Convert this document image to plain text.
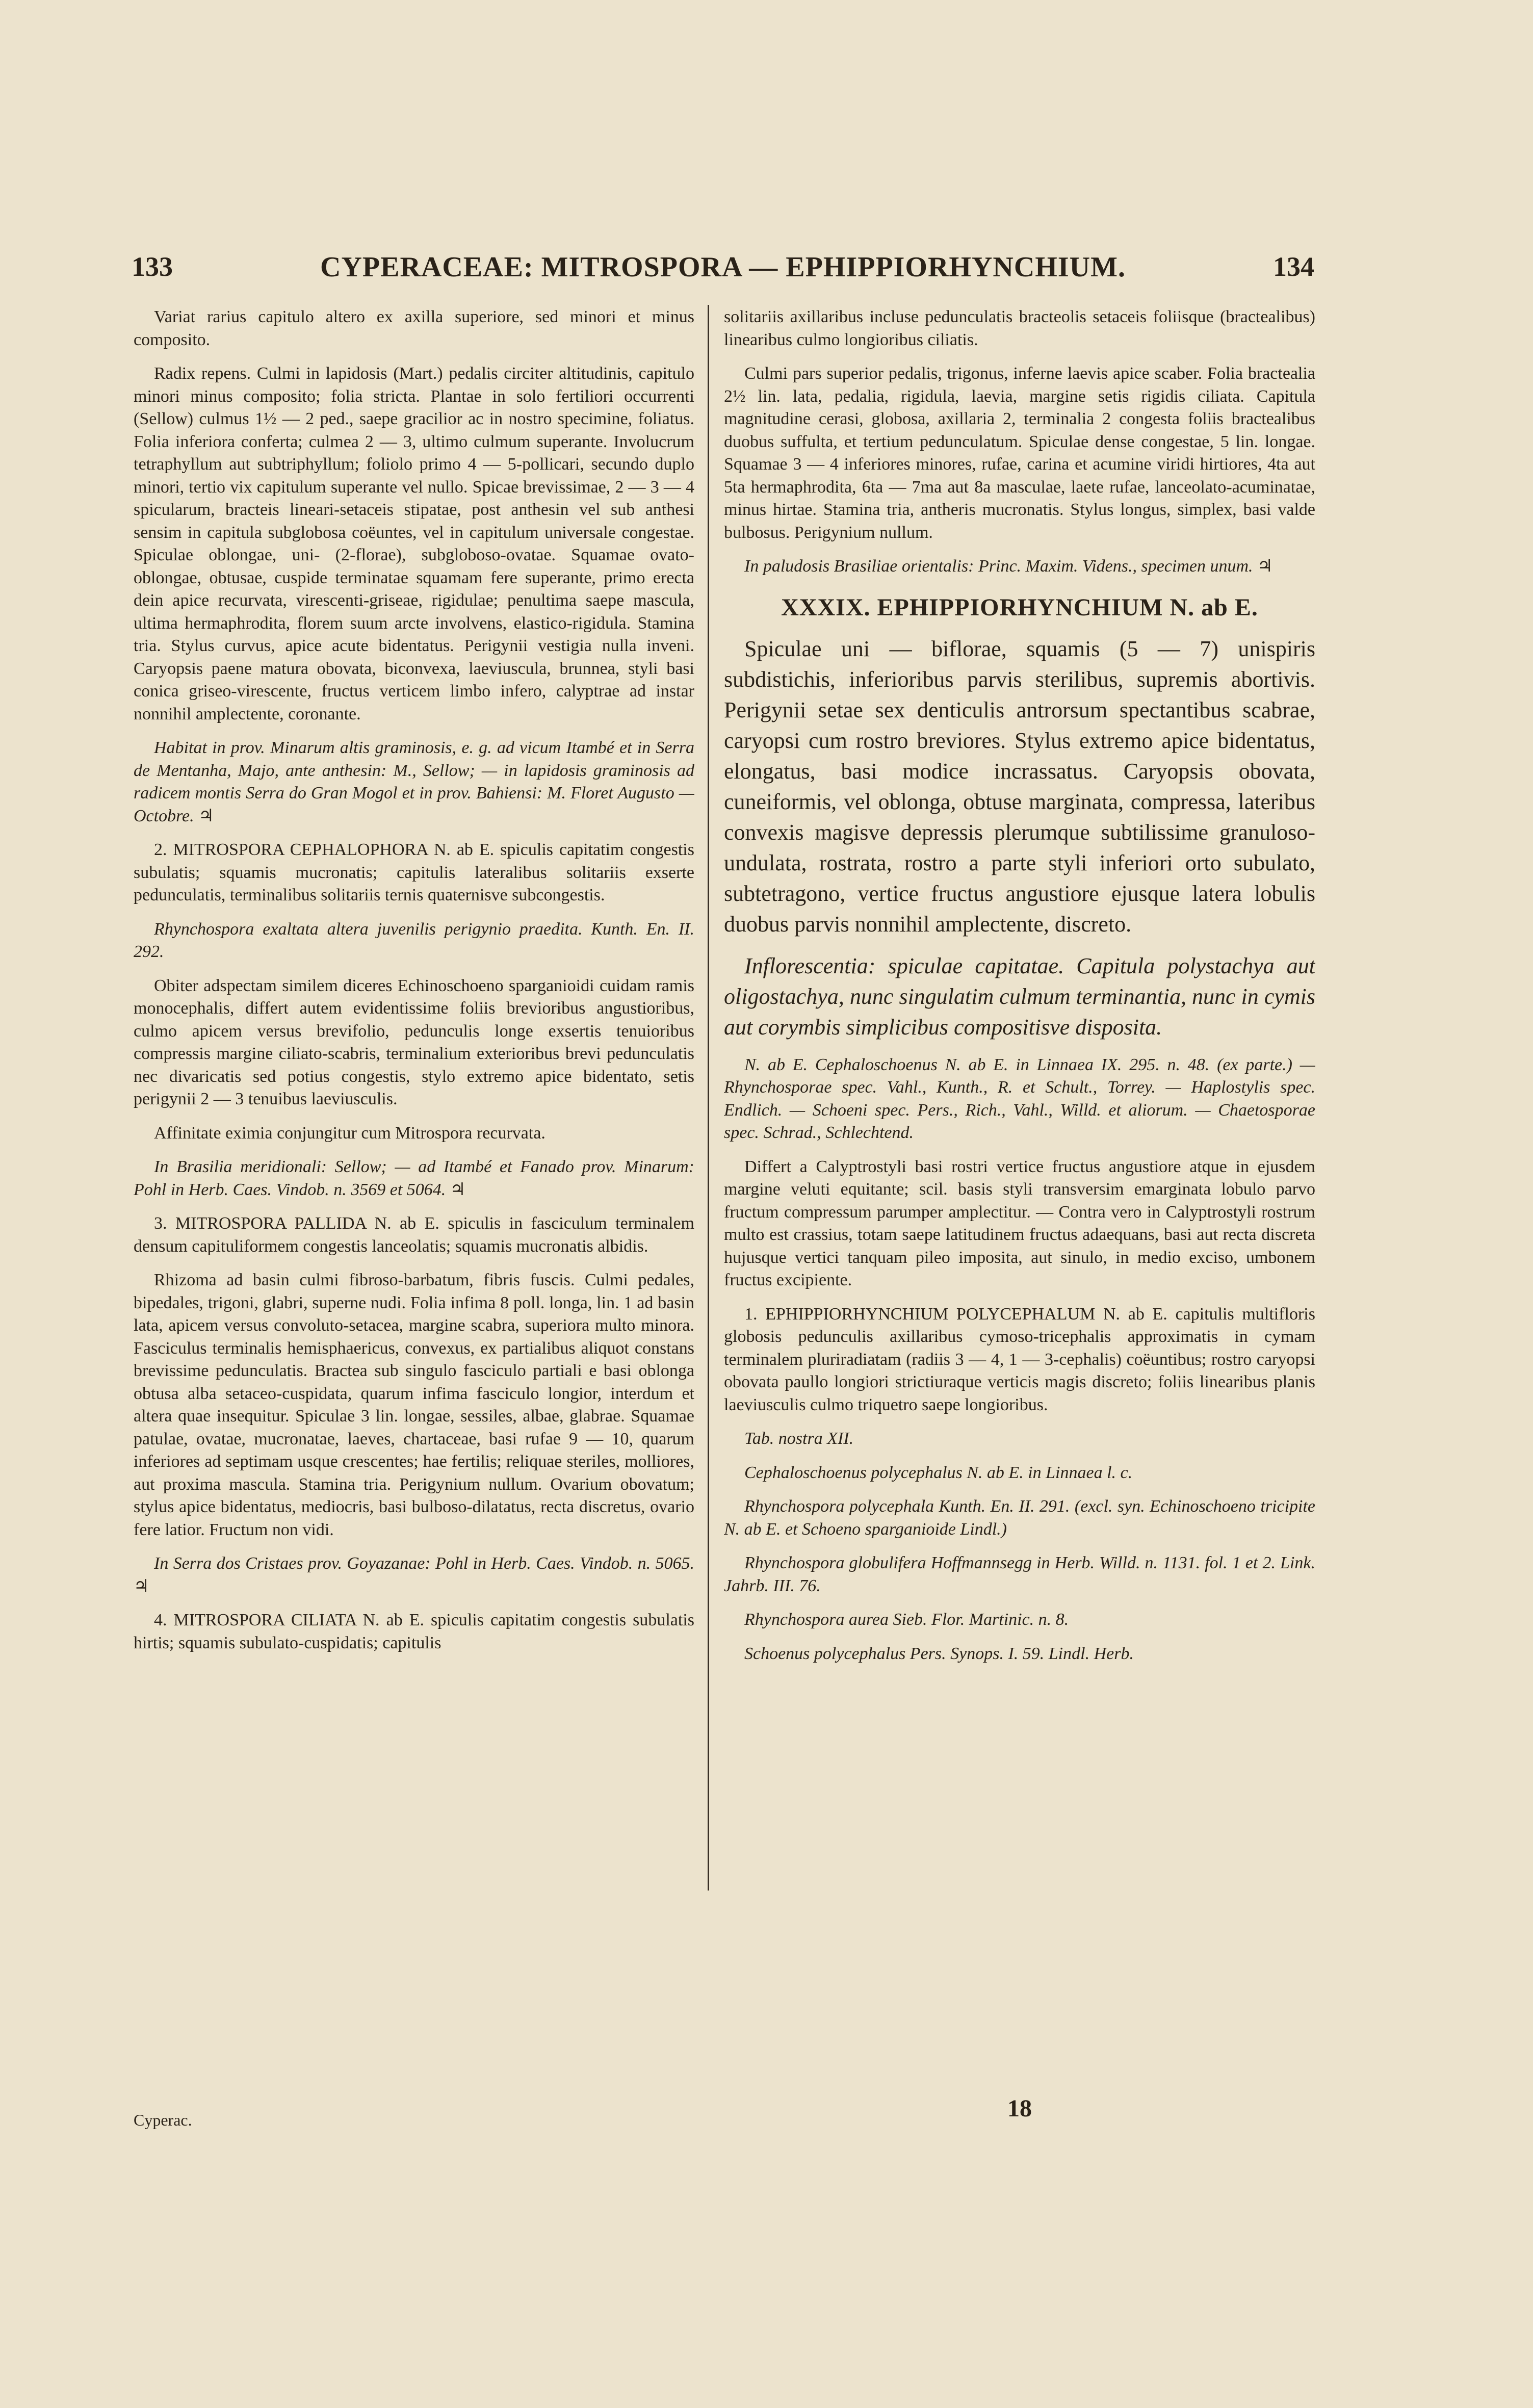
133	CYPERACEAE: MITROSPORA — EPHIPPIORHYNCHIUM.	134

Variat rarius capitulo altero ex axilla superiore, sed minori et minus composito.

Radix repens. Culmi in lapidosis (Mart.) pedalis circiter altitudinis, capitulo minori minus composito; folia stricta. Plantae in solo fertiliori occurrenti (Sellow) culmus 1½ — 2 ped., saepe gracilior ac in nostro specimine, foliatus. Folia inferiora conferta; culmea 2 — 3, ultimo culmum superante. Involucrum tetraphyllum aut subtriphyllum; foliolo primo 4 — 5-pollicari, secundo duplo minori, tertio vix capitulum superante vel nullo. Spicae brevissimae, 2 — 3 — 4 spicularum, bracteis lineari-setaceis stipatae, post anthesin vel sub anthesi sensim in capitula subglobosa coëuntes, vel in capitulum universale congestae. Spiculae oblongae, uni- (2-florae), subgloboso-ovatae. Squamae ovato-oblongae, obtusae, cuspide terminatae squamam fere superante, primo erecta dein apice recurvata, virescenti-griseae, rigidulae; penultima saepe mascula, ultima hermaphrodita, florem suum arcte involvens, elastico-rigidula. Stamina tria. Stylus curvus, apice acute bidentatus. Perigynii vestigia nulla inveni. Caryopsis paene matura obovata, biconvexa, laeviuscula, brunnea, styli basi conica griseo-virescente, fructus verticem limbo infero, calyptrae ad instar nonnihil amplectente, coronante.

Habitat in prov. Minarum altis graminosis, e. g. ad vicum Itambé et in Serra de Mentanha, Majo, ante anthesin: M., Sellow; — in lapidosis graminosis ad radicem montis Serra do Gran Mogol et in prov. Bahiensi: M. Floret Augusto — Octobre. ♃

2. MITROSPORA CEPHALOPHORA N. ab E. spiculis capitatim congestis subulatis; squamis mucronatis; capitulis lateralibus solitariis exserte pedunculatis, terminalibus solitariis ternis quaternisve subcongestis.

Rhynchospora exaltata altera juvenilis perigynio praedita. Kunth. En. II. 292.

Obiter adspectam similem diceres Echinoschoeno sparganioidi cuidam ramis monocephalis, differt autem evidentissime foliis brevioribus angustioribus, culmo apicem versus brevifolio, pedunculis longe exsertis tenuioribus compressis margine ciliato-scabris, terminalium exterioribus brevi pedunculatis nec divaricatis sed potius congestis, stylo extremo apice bidentato, setis perigynii 2 — 3 tenuibus laeviusculis.

Affinitate eximia conjungitur cum Mitrospora recurvata.

In Brasilia meridionali: Sellow; — ad Itambé et Fanado prov. Minarum: Pohl in Herb. Caes. Vindob. n. 3569 et 5064. ♃

3. MITROSPORA PALLIDA N. ab E. spiculis in fasciculum terminalem densum capituliformem congestis lanceolatis; squamis mucronatis albidis.

Rhizoma ad basin culmi fibroso-barbatum, fibris fuscis. Culmi pedales, bipedales, trigoni, glabri, superne nudi. Folia infima 8 poll. longa, lin. 1 ad basin lata, apicem versus convoluto-setacea, margine scabra, superiora multo minora. Fasciculus terminalis hemisphaericus, convexus, ex partialibus aliquot constans brevissime pedunculatis. Bractea sub singulo fasciculo partiali e basi oblonga obtusa alba setaceo-cuspidata, quarum infima fasciculo longior, interdum et altera quae insequitur. Spiculae 3 lin. longae, sessiles, albae, glabrae. Squamae patulae, ovatae, mucronatae, laeves, chartaceae, basi rufae 9 — 10, quarum inferiores ad septimam usque crescentes; hae fertilis; reliquae steriles, molliores, aut proxima mascula. Stamina tria. Perigynium nullum. Ovarium obovatum; stylus apice bidentatus, mediocris, basi bulboso-dilatatus, recta discretus, ovario fere latior. Fructum non vidi.

In Serra dos Cristaes prov. Goyazanae: Pohl in Herb. Caes. Vindob. n. 5065. ♃

4. MITROSPORA CILIATA N. ab E. spiculis capitatim congestis subulatis hirtis; squamis subulato-cuspidatis; capitulis

solitariis axillaribus incluse pedunculatis bracteolis setaceis foliisque (bractealibus) linearibus culmo longioribus ciliatis.

Culmi pars superior pedalis, trigonus, inferne laevis apice scaber. Folia bractealia 2½ lin. lata, pedalia, rigidula, laevia, margine setis rigidis ciliata. Capitula magnitudine cerasi, globosa, axillaria 2, terminalia 2 congesta foliis bractealibus duobus suffulta, et tertium pedunculatum. Spiculae dense congestae, 5 lin. longae. Squamae 3 — 4 inferiores minores, rufae, carina et acumine viridi hirtiores, 4ta aut 5ta hermaphrodita, 6ta — 7ma aut 8a masculae, laete rufae, lanceolato-acuminatae, minus hirtae. Stamina tria, antheris mucronatis. Stylus longus, simplex, basi valde bulbosus. Perigynium nullum.

In paludosis Brasiliae orientalis: Princ. Maxim. Videns., specimen unum. ♃

XXXIX. EPHIPPIORHYNCHIUM N. ab E.

Spiculae uni — biflorae, squamis (5 — 7) unispiris subdistichis, inferioribus parvis sterilibus, supremis abortivis. Perigynii setae sex denticulis antrorsum spectantibus scabrae, caryopsi cum rostro breviores. Stylus extremo apice bidentatus, elongatus, basi modice incrassatus. Caryopsis obovata, cuneiformis, vel oblonga, obtuse marginata, compressa, lateribus convexis magisve depressis plerumque subtilissime granuloso-undulata, rostrata, rostro a parte styli inferiori orto subulato, subtetragono, vertice fructus angustiore ejusque latera lobulis duobus parvis nonnihil amplectente, discreto.

Inflorescentia: spiculae capitatae. Capitula polystachya aut oligostachya, nunc singulatim culmum terminantia, nunc in cymis aut corymbis simplicibus compositisve disposita.

N. ab E. Cephaloschoenus N. ab E. in Linnaea IX. 295. n. 48. (ex parte.) — Rhynchosporae spec. Vahl., Kunth., R. et Schult., Torrey. — Haplostylis spec. Endlich. — Schoeni spec. Pers., Rich., Vahl., Willd. et aliorum. — Chaetosporae spec. Schrad., Schlechtend.

Differt a Calyptrostyli basi rostri vertice fructus angustiore atque in ejusdem margine veluti equitante; scil. basis styli transversim emarginata lobulo parvo fructum compressum parumper amplectitur. — Contra vero in Calyptrostyli rostrum multo est crassius, totam saepe latitudinem fructus adaequans, basi aut recta discreta hujusque vertici tanquam pileo imposita, aut sinulo, in medio exciso, umbonem fructus excipiente.

1. EPHIPPIORHYNCHIUM POLYCEPHALUM N. ab E. capitulis multifloris globosis pedunculis axillaribus cymoso-tricephalis approximatis in cymam terminalem pluriradiatam (radiis 3 — 4, 1 — 3-cephalis) coëuntibus; rostro caryopsi obovata paullo longiori strictiuraque verticis magis discreto; foliis linearibus planis laeviusculis culmo triquetro saepe longioribus.

Tab. nostra XII.

Cephaloschoenus polycephalus N. ab E. in Linnaea l. c.

Rhynchospora polycephala Kunth. En. II. 291. (excl. syn. Echinoschoeno tricipite N. ab E. et Schoeno sparganioide Lindl.)

Rhynchospora globulifera Hoffmannsegg in Herb. Willd. n. 1131. fol. 1 et 2. Link. Jahrb. III. 76.

Rhynchospora aurea Sieb. Flor. Martinic. n. 8.

Schoenus polycephalus Pers. Synops. I. 59. Lindl. Herb.

Cyperac.	18
